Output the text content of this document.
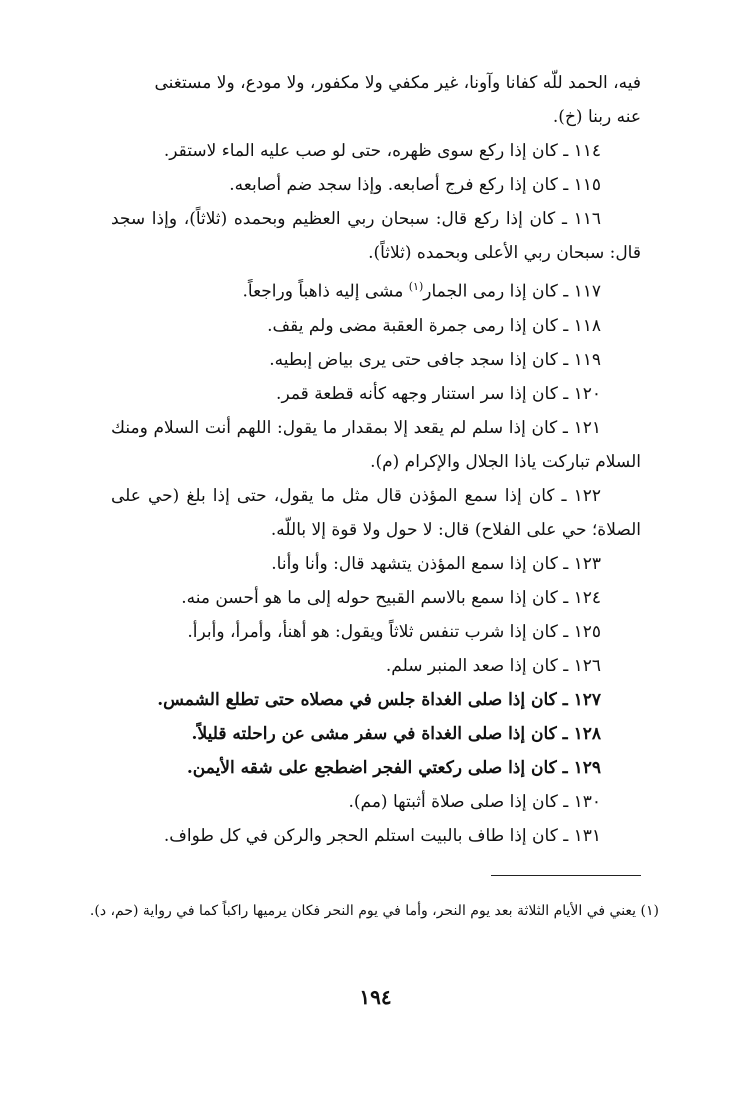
فيه، الحمد للّه كفانا وآونا، غير مكفي ولا مكفور، ولا مودع، ولا مستغنى

عنه ربنا (خ).

١١٤ ـ كان إذا ركع سوى ظهره، حتى لو صب عليه الماء لاستقر.

١١٥ ـ كان إذا ركع فرج أصابعه. وإذا سجد ضم أصابعه.

١١٦ ـ كان إذا ركع قال: سبحان ربي العظيم وبحمده (ثلاثاً)، وإذا سجد قال: سبحان ربي الأعلى وبحمده (ثلاثاً).

١١٧ ـ كان إذا رمى الجمار$^{(١)}$ مشى إليه ذاهباً وراجعاً.

١١٨ ـ كان إذا رمى جمرة العقبة مضى ولم يقف.

١١٩ ـ كان إذا سجد جافى حتى يرى بياض إبطيه.

١٢٠ ـ كان إذا سر استنار وجهه كأنه قطعة قمر.

١٢١ ـ كان إذا سلم لم يقعد إلا بمقدار ما يقول: اللهم أنت السلام ومنك السلام تباركت ياذا الجلال والإكرام (م).

١٢٢ ـ كان إذا سمع المؤذن قال مثل ما يقول، حتى إذا بلغ (حي على الصلاة؛ حي على الفلاح) قال: لا حول ولا قوة إلا باللّه.

١٢٣ ـ كان إذا سمع المؤذن يتشهد قال: وأنا وأنا.

١٢٤ ـ كان إذا سمع بالاسم القبيح حوله إلى ما هو أحسن منه.

١٢٥ ـ كان إذا شرب تنفس ثلاثاً ويقول: هو أهنأ، وأمرأ، وأبرأ.

١٢٦ ـ كان إذا صعد المنبر سلم.

١٢٧ ـ كان إذا صلى الغداة جلس في مصلاه حتى تطلع الشمس.

١٢٨ ـ كان إذا صلى الغداة في سفر مشى عن راحلته قليلاً.

١٢٩ ـ كان إذا صلى ركعتي الفجر اضطجع على شقه الأيمن.

١٣٠ ـ كان إذا صلى صلاة أثبتها (مم).

١٣١ ـ كان إذا طاف بالبيت استلم الحجر والركن في كل طواف.

(١) يعني في الأيام الثلاثة بعد يوم النحر، وأما في يوم النحر فكان يرميها راكباً كما في رواية (حم، د).

١٩٤
